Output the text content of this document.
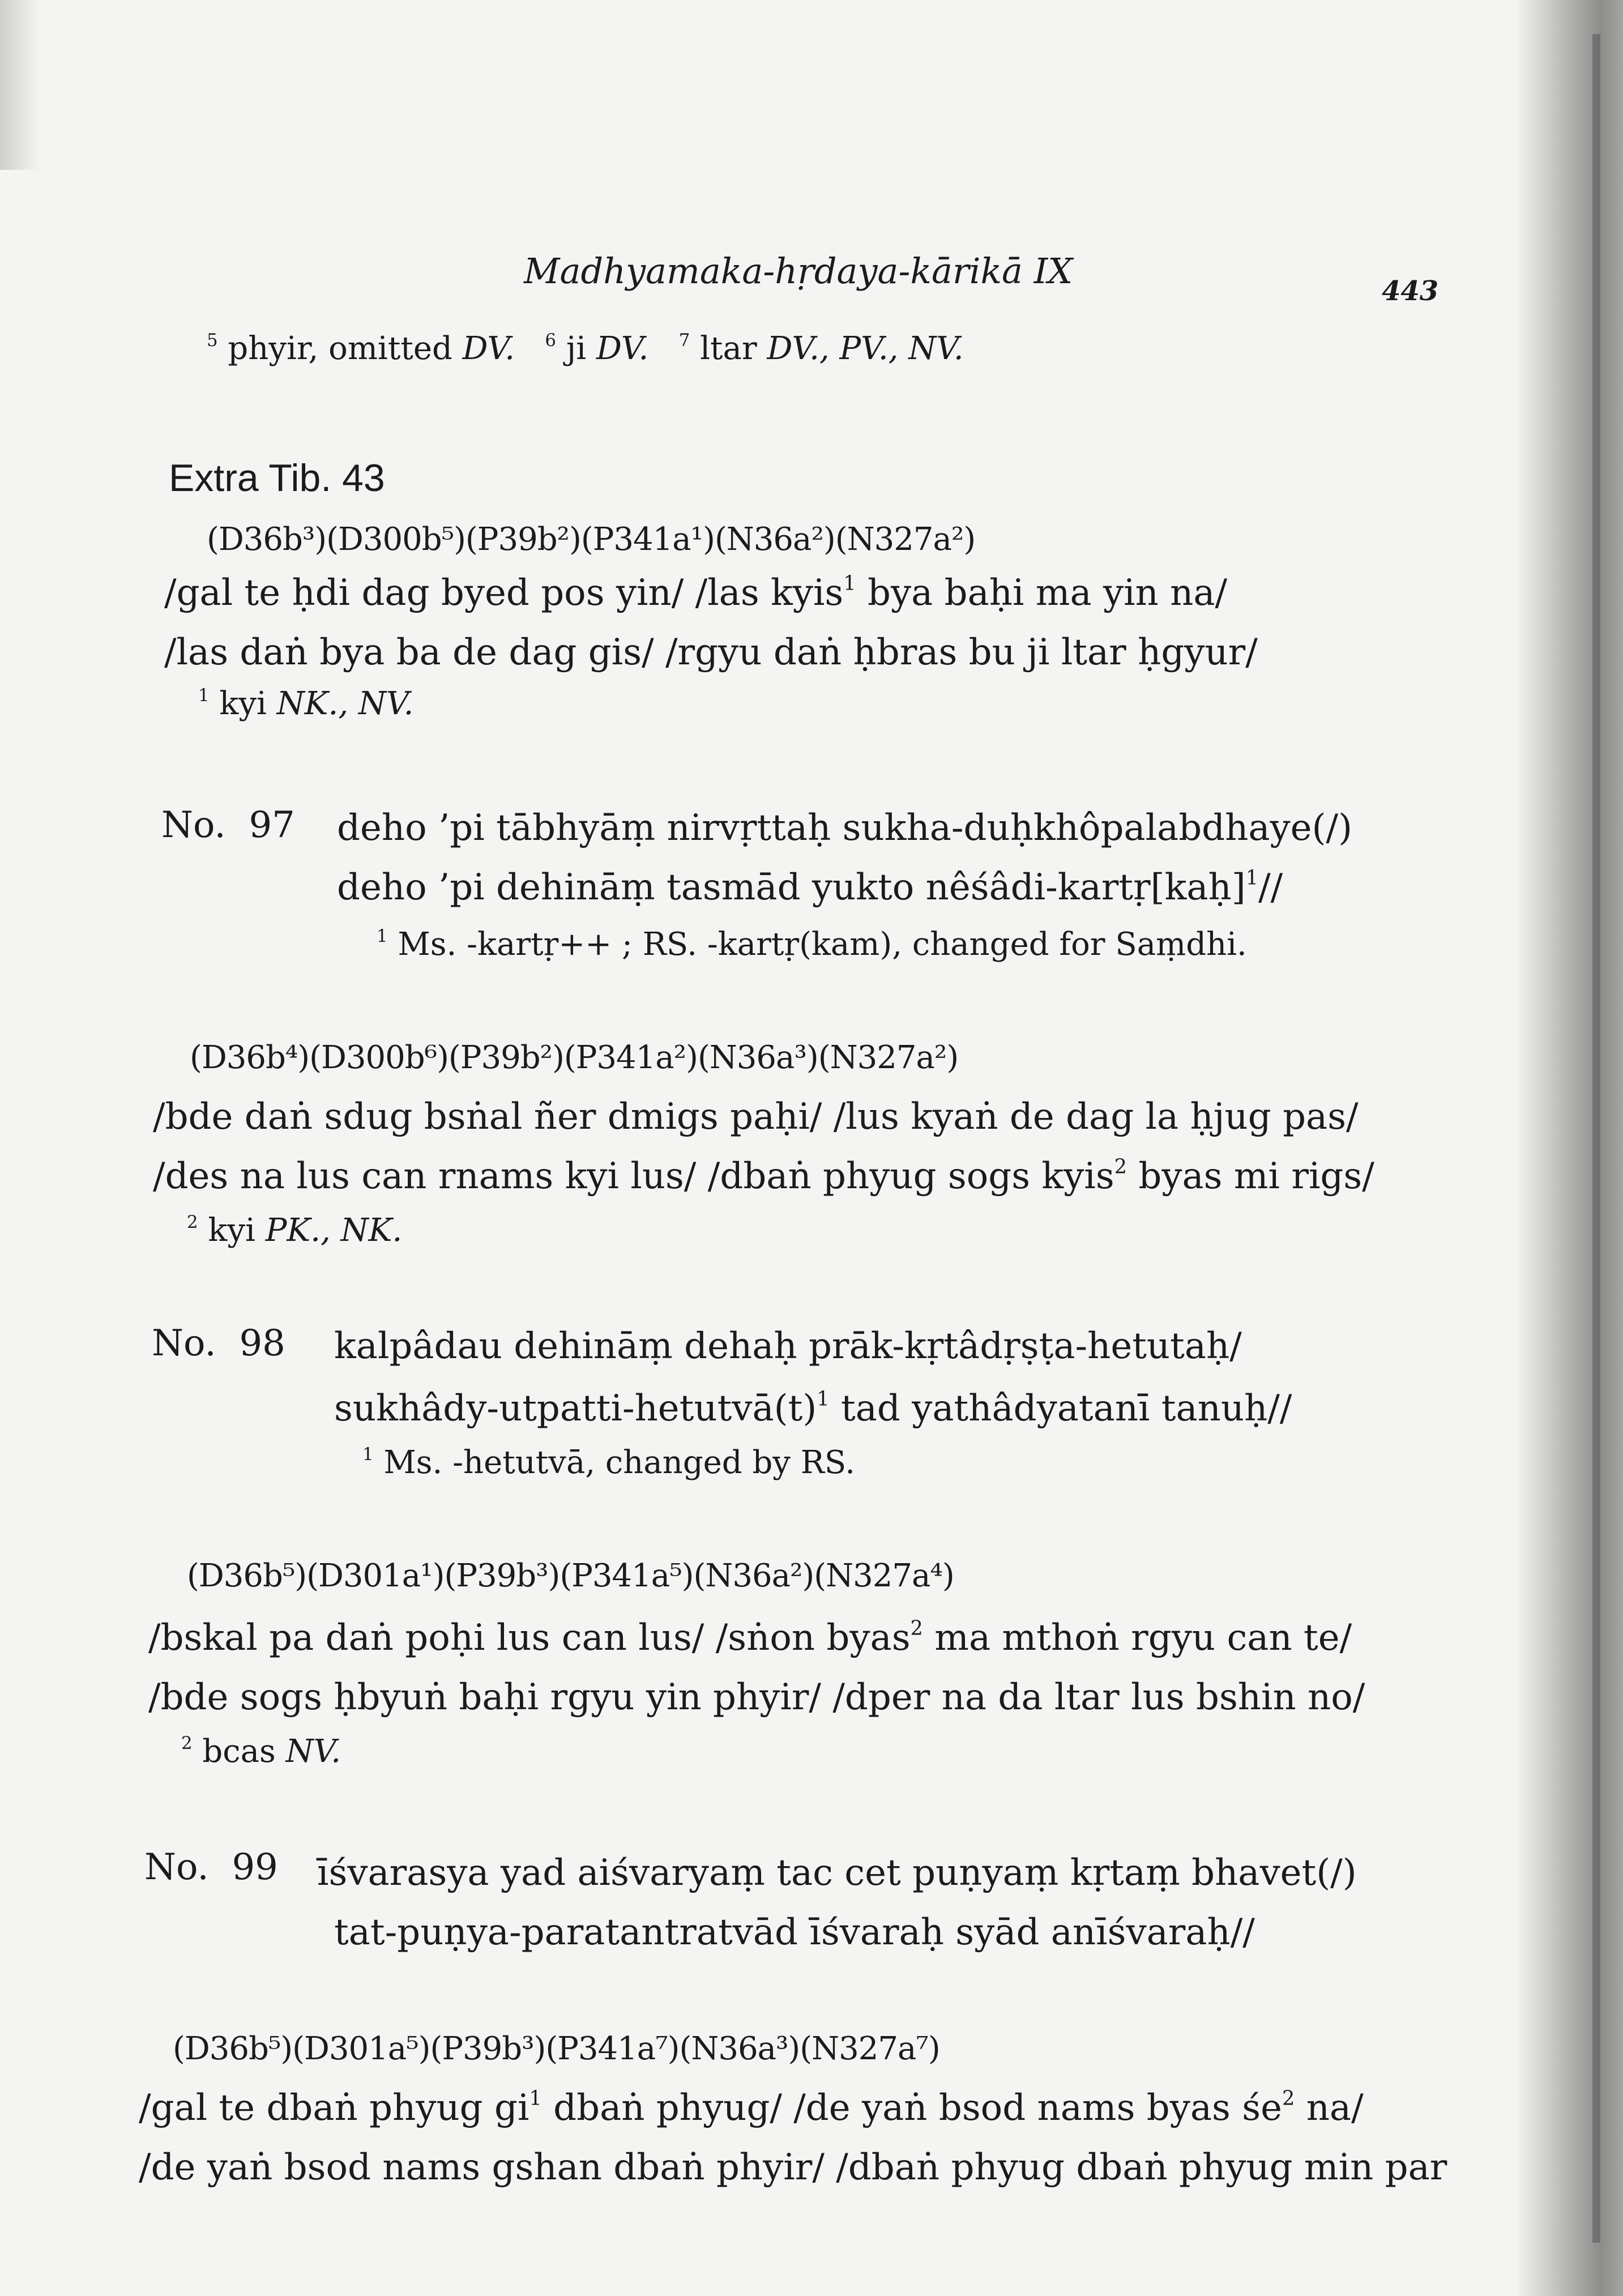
Madhyamaka-hṛdaya-kārikā IX	443
$^5$ phyir, omitted DV. $^6$ ji DV. $^7$ ltar DV., PV., NV.
Extra Tib. 43
(D36b³)(D300b⁵)(P39b²)(P341a¹)(N36a²)(N327a²)
/gal te ḥdi dag byed pos yin/ /las kyis$^1$ bya baḥi ma yin na/
/las daṅ bya ba de dag gis/ /rgyu daṅ ḥbras bu ji ltar ḥgyur/
$^1$ kyi NK., NV.
No. 97 deho ’pi tābhyāṃ nirvṛttaḥ sukha-duḥkhôpalabdhaye(/)
deho ’pi dehināṃ tasmād yukto nêśâdi-kartṛ[kaḥ]$^1$//
$^1$ Ms. -kartṛ++ ; RS. -kartṛ(kam), changed for Saṃdhi.
(D36b⁴)(D300b⁶)(P39b²)(P341a²)(N36a³)(N327a²)
/bde daṅ sdug bsṅal ñer dmigs paḥi/ /lus kyaṅ de dag la ḥjug pas/
/des na lus can rnams kyi lus/ /dbaṅ phyug sogs kyis$^2$ byas mi rigs/
$^2$ kyi PK., NK.
No. 98 kalpâdau dehināṃ dehaḥ prāk-kṛtâdṛṣṭa-hetutaḥ/
sukhâdy-$utpatti-hetutvā(t)^1$ tad yathâdyatanī tanuḥ//
$^1$ Ms. -hetutvā, changed by RS.
(D36b⁵)(D301a¹)(P39b³)(P341a⁵)(N36a²)(N327a⁴)
/bskal pa daṅ poḥi lus can lus/ /sṅon byas$^2$ ma mthoṅ rgyu can te/
/bde sogs ḥbyuṅ baḥi rgyu yin phyir/ /dper na da ltar lus bshin no/
$^2$ bcas NV.
No. 99 īśvarasya yad aiśvaryaṃ tac cet puṇyaṃ kṛtaṃ bhavet(/)
tat-puṇya-paratantratvād īśvaraḥ syād anīśvaraḥ//
(D36b⁵)(D301a⁵)(P39b³)(P341a⁷)(N36a³)(N327a⁷)
/gal te dbaṅ phyug $gi^1$ dbaṅ phyug/ /de yaṅ bsod nams byas $śe^2$ na/
/de yaṅ bsod nams gshan dbaṅ phyir/ /dbaṅ phyug dbaṅ phyug min par
